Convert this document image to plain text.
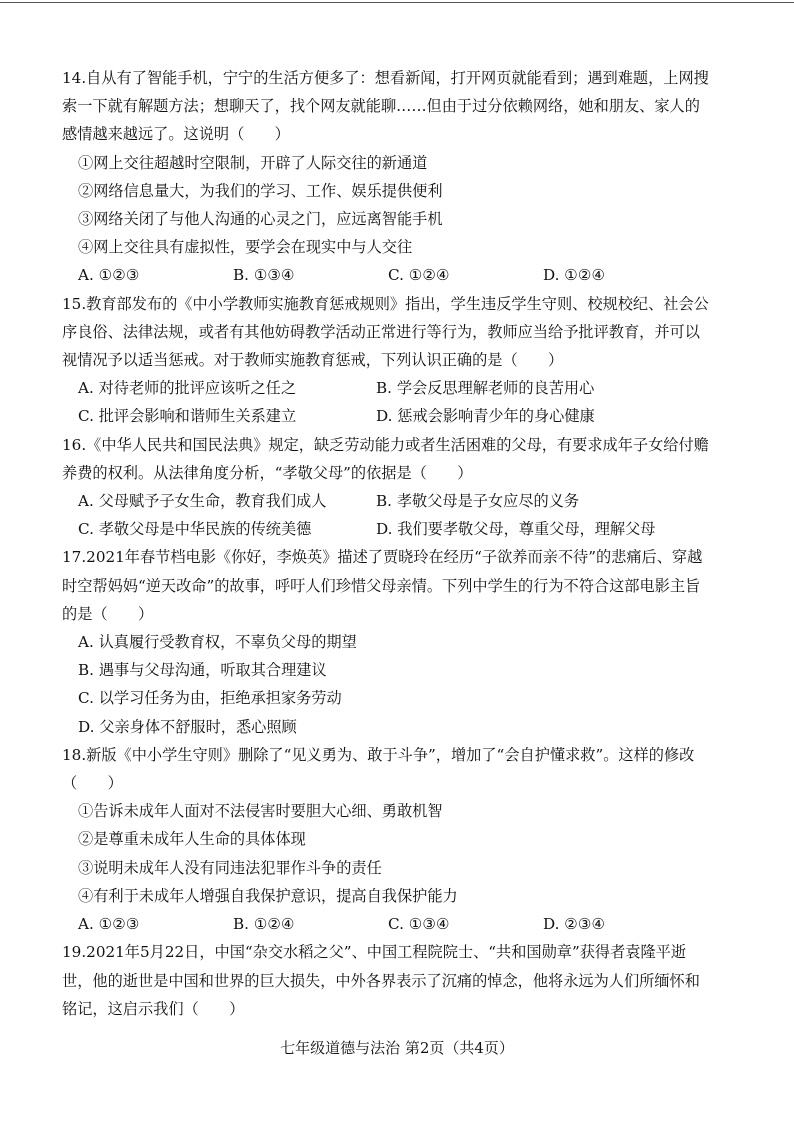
14.自从有了智能手机，宁宁的生活方便多了：想看新闻，打开网页就能看到；遇到难题，上网搜索一下就有解题方法；想聊天了，找个网友就能聊……但由于过分依赖网络，她和朋友、家人的感情越来越远了。这说明（　　）
①网上交往超越时空限制，开辟了人际交往的新通道
②网络信息量大，为我们的学习、工作、娱乐提供便利
③网络关闭了与他人沟通的心灵之门，应远离智能手机
④网上交往具有虚拟性，要学会在现实中与人交往
A. ①②③	B. ①③④	C. ①②④	D. ①②④
15.教育部发布的《中小学教师实施教育惩戒规则》指出，学生违反学生守则、校规校纪、社会公序良俗、法律法规，或者有其他妨碍教学活动正常进行等行为，教师应当给予批评教育，并可以视情况予以适当惩戒。对于教师实施教育惩戒，下列认识正确的是（　　）
A. 对待老师的批评应该听之任之	B. 学会反思理解老师的良苦用心
C. 批评会影响和谐师生关系建立	D. 惩戒会影响青少年的身心健康
16.《中华人民共和国民法典》规定，缺乏劳动能力或者生活困难的父母，有要求成年子女给付赡养费的权利。从法律角度分析，“孝敬父母”的依据是（　　）
A. 父母赋予子女生命，教育我们成人	B. 孝敬父母是子女应尽的义务
C. 孝敬父母是中华民族的传统美德	D. 我们要孝敬父母，尊重父母，理解父母
17.2021年春节档电影《你好，李焕英》描述了贾晓玲在经历“子欲养而亲不待”的悲痛后、穿越时空帮妈妈“逆天改命”的故事，呼吁人们珍惜父母亲情。下列中学生的行为不符合这部电影主旨的是（　　）
A. 认真履行受教育权，不辜负父母的期望
B. 遇事与父母沟通，听取其合理建议
C. 以学习任务为由，拒绝承担家务劳动
D. 父亲身体不舒服时，悉心照顾
18.新版《中小学生守则》删除了“见义勇为、敢于斗争”，增加了“会自护懂求救”。这样的修改（　　）
①告诉未成年人面对不法侵害时要胆大心细、勇敢机智
②是尊重未成年人生命的具体体现
③说明未成年人没有同违法犯罪作斗争的责任
④有利于未成年人增强自我保护意识，提高自我保护能力
A. ①②③	B. ①②④	C. ①③④	D. ②③④
19.2021年5月22日，中国“杂交水稻之父”、中国工程院院士、“共和国勋章”获得者袁隆平逝世，他的逝世是中国和世界的巨大损失，中外各界表示了沉痛的悼念，他将永远为人们所缅怀和铭记，这启示我们（　　）
七年级道德与法治 第2页（共4页）
